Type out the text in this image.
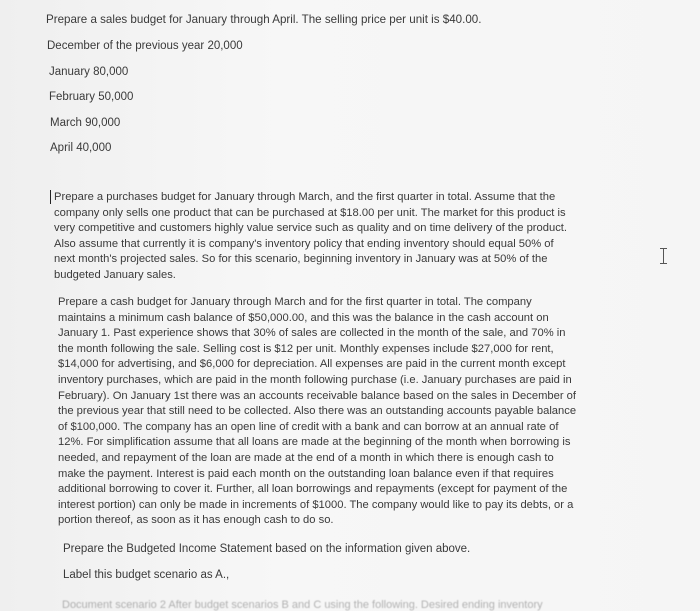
Prepare a sales budget for January through April. The selling price per unit is $40.00.
December of the previous year 20,000
January 80,000
February 50,000
March 90,000
April 40,000
Prepare a purchases budget for January through March, and the first quarter in total. Assume that the company only sells one product that can be purchased at $18.00 per unit. The market for this product is very competitive and customers highly value service such as quality and on time delivery of the product. Also assume that currently it is company's inventory policy that ending inventory should equal 50% of next month's projected sales. So for this scenario, beginning inventory in January was at 50% of the budgeted January sales.
Prepare a cash budget for January through March and for the first quarter in total. The company maintains a minimum cash balance of $50,000.00, and this was the balance in the cash account on January 1. Past experience shows that 30% of sales are collected in the month of the sale, and 70% in the month following the sale. Selling cost is $12 per unit. Monthly expenses include $27,000 for rent, $14,000 for advertising, and $6,000 for depreciation. All expenses are paid in the current month except inventory purchases, which are paid in the month following purchase (i.e. January purchases are paid in February). On January 1st there was an accounts receivable balance based on the sales in December of the previous year that still need to be collected. Also there was an outstanding accounts payable balance of $100,000. The company has an open line of credit with a bank and can borrow at an annual rate of 12%. For simplification assume that all loans are made at the beginning of the month when borrowing is needed, and repayment of the loan are made at the end of a month in which there is enough cash to make the payment. Interest is paid each month on the outstanding loan balance even if that requires additional borrowing to cover it. Further, all loan borrowings and repayments (except for payment of the interest portion) can only be made in increments of $1000. The company would like to pay its debts, or a portion thereof, as soon as it has enough cash to do so.
Prepare the Budgeted Income Statement based on the information given above.
Label this budget scenario as A.,
Document scenario 2 After budget scenarios B and C using the following. Desired ending inventory
